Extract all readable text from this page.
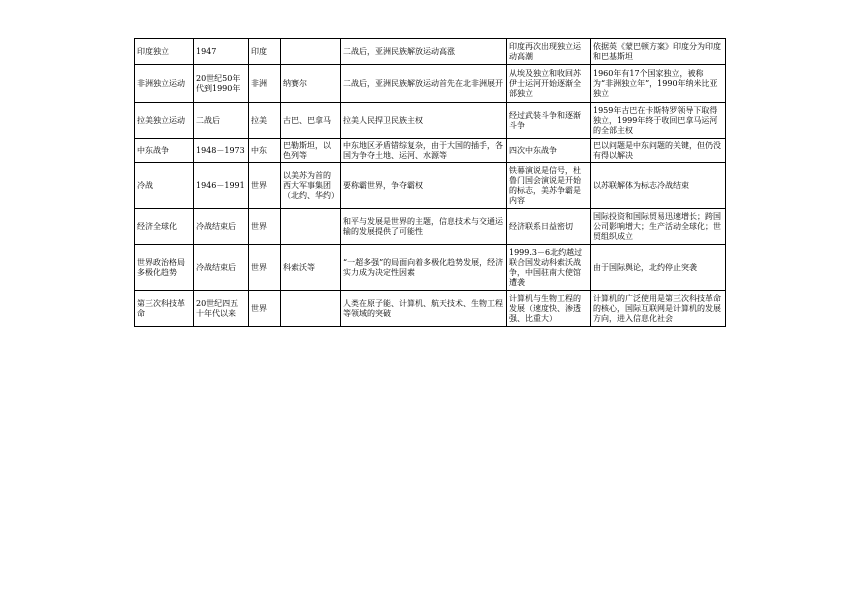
印度独立	1947	印度		二战后，亚洲民族解放运动高涨	印度再次出现独立运动高潮	依据英《蒙巴顿方案》印度分为印度和巴基斯坦
非洲独立运动	20世纪50年代到1990年	非洲	纳赛尔	二战后，亚洲民族解放运动首先在北非洲展开	从埃及独立和收回苏伊士运河开始逐渐全部独立	1960年有17个国家独立，被称为“非洲独立年”，1990年纳米比亚独立
拉美独立运动	二战后	拉美	古巴、巴拿马	拉美人民捍卫民族主权	经过武装斗争和逐渐斗争	1959年古巴在卡斯特罗领导下取得独立，1999年终于收回巴拿马运河的全部主权
中东战争	1948－1973	中东	巴勒斯坦，以色列等	中东地区矛盾错综复杂，由于大国的插手，各国为争夺土地、运河、水源等	四次中东战争	巴以问题是中东问题的关键，但仍没有得以解决
冷战	1946－1991	世界	以美苏为首的西大军事集团（北约、华约）	要称霸世界，争夺霸权	铁幕演说是信号，杜鲁门国会演说是开始的标志，美苏争霸是内容	以苏联解体为标志冷战结束
经济全球化	冷战结束后	世界		和平与发展是世界的主题，信息技术与交通运输的发展提供了可能性	经济联系日益密切	国际投资和国际贸易迅速增长；跨国公司影响增大；生产活动全球化；世贸组织成立
世界政治格局多极化趋势	冷战结束后	世界	科索沃等	“一超多强”的局面向着多极化趋势发展，经济实力成为决定性因素	1999.3－6北约越过联合国发动科索沃战争，中国驻南大使馆遭袭	由于国际舆论，北约停止突袭
第三次科技革命	20世纪四五十年代以来	世界		人类在原子能、计算机、航天技术、生物工程等领域的突破	计算机与生物工程的发展（速度快、渗透强、比重大）	计算机的广泛使用是第三次科技革命的核心，国际互联网是计算机的发展方向，进入信息化社会
